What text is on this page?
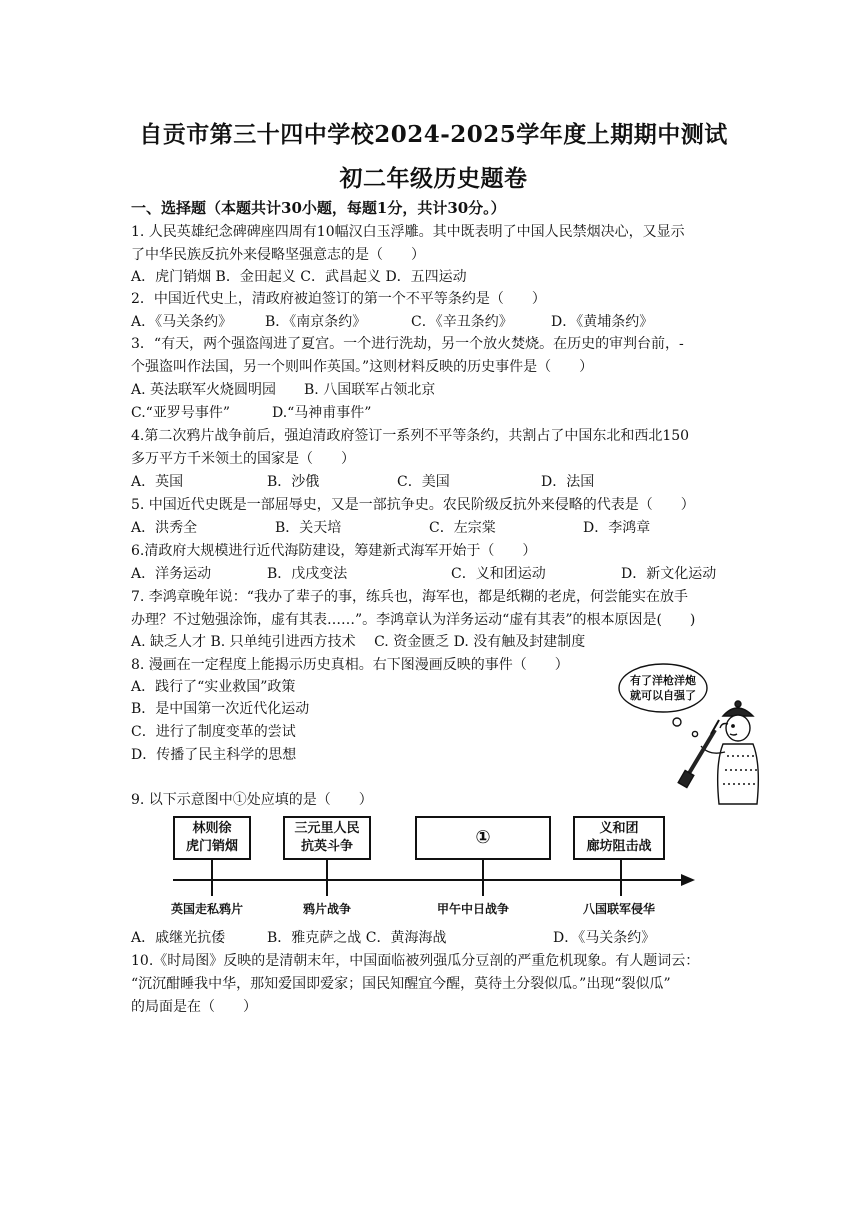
自贡市第三十四中学校2024-2025学年度上期期中测试
初二年级历史题卷
一、选择题（本题共计30小题，每题1分，共计30分。）
1. 人民英雄纪念碑碑座四周有10幅汉白玉浮雕。其中既表明了中国人民禁烟决心，又显示
了中华民族反抗外来侵略坚强意志的是（　　）
A．虎门销烟 B．金田起义 C．武昌起义 D．五四运动
2．中国近代史上，清政府被迫签订的第一个不平等条约是（　　）
A．《马关条约》 B．《南京条约》	C．《辛丑条约》	D．《黄埔条约》
3．“有天，两个强盗闯进了夏宫。一个进行洗劫，另一个放火焚烧。在历史的审判台前，-
个强盗叫作法国，另一个则叫作英国。”这则材料反映的历史事件是（　　）
A. 英法联军火烧圆明园　　B. 八国联军占领北京
C.“亚罗号事件”　　　D.“马神甫事件”
4.第二次鸦片战争前后，强迫清政府签订一系列不平等条约，共割占了中国东北和西北150
多万平方千米领土的国家是（　　）
A．英国	B．沙俄	C．美国	D．法国
5. 中国近代史既是一部屈辱史，又是一部抗争史。农民阶级反抗外来侵略的代表是（　　）
A．洪秀全	B．关天培	C．左宗棠	D．李鸿章
6.清政府大规模进行近代海防建设，筹建新式海军开始于（　　）
A．洋务运动	B．戊戌变法	C．义和团运动	D．新文化运动
7. 李鸿章晚年说：“我办了辈子的事，练兵也，海军也，都是纸糊的老虎，何尝能实在放手
办理？不过勉强涂饰，虚有其表……”。李鸿章认为洋务运动“虚有其表”的根本原因是(　　)
A. 缺乏人才 B. 只单纯引进西方技术　 C. 资金匮乏 D. 没有触及封建制度
8. 漫画在一定程度上能揭示历史真相。右下图漫画反映的事件（　　）
A．践行了“实业救国”政策
B．是中国第一次近代化运动
C．进行了制度变革的尝试
D．传播了民主科学的思想
有了洋枪洋炮
就可以自强了
9. 以下示意图中①处应填的是（　　）
林则徐
虎门销烟
三元里人民
抗英斗争	①	义和团
廊坊阻击战
英国走私鸦片	鸦片战争	甲午中日战争	八国联军侵华
A．戚继光抗倭	B．雅克萨之战 C．黄海海战	D．《马关条约》
10.《时局图》反映的是清朝末年，中国面临被列强瓜分豆剖的严重危机现象。有人题词云：
“沉沉酣睡我中华，那知爱国即爱家；国民知醒宜今醒，莫待土分裂似瓜。”出现“裂似瓜”
的局面是在（　　）
